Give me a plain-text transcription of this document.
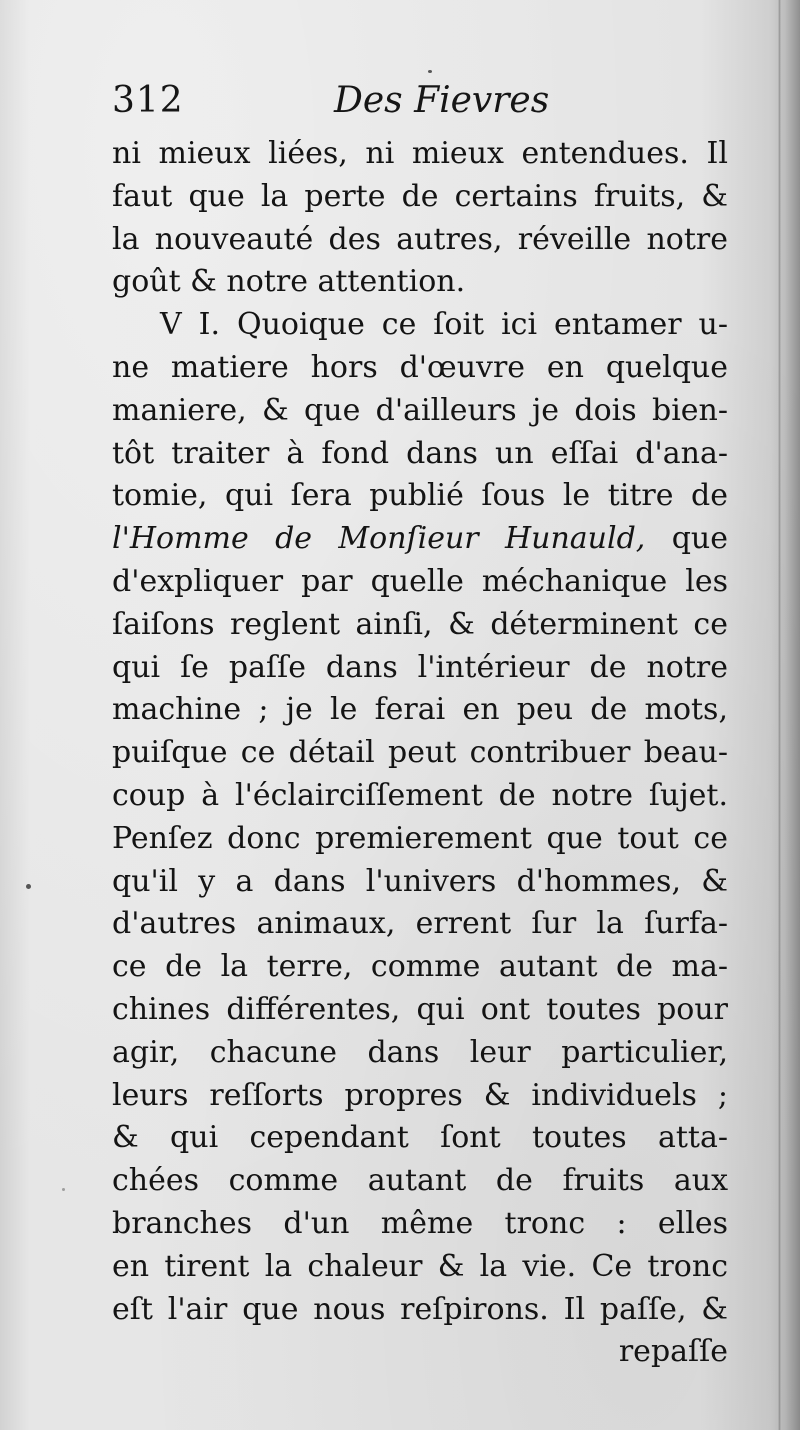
312	Des Fievres
ni mieux liées, ni mieux entendues. Il
faut que la perte de certains fruits, &
la nouveauté des autres, réveille notre
goût & notre attention.
V I. Quoique ce ſoit ici entamer u-
ne matiere hors d'œuvre en quelque
maniere, & que d'ailleurs je dois bien-
tôt traiter à fond dans un eſſai d'ana-
tomie, qui ſera publié ſous le titre de
l'Homme de Monſieur Hunauld, que
d'expliquer par quelle méchanique les
ſaiſons reglent ainſi, & déterminent ce
qui ſe paſſe dans l'intérieur de notre
machine ; je le ferai en peu de mots,
puiſque ce détail peut contribuer beau-
coup à l'éclairciſſement de notre ſujet.
Penſez donc premierement que tout ce
qu'il y a dans l'univers d'hommes, &
d'autres animaux, errent ſur la ſurfa-
ce de la terre, comme autant de ma-
chines différentes, qui ont toutes pour
agir, chacune dans leur particulier,
leurs reſſorts propres & individuels ;
& qui cependant ſont toutes atta-
chées comme autant de fruits aux
branches d'un même tronc : elles
en tirent la chaleur & la vie. Ce tronc
eſt l'air que nous reſpirons. Il paſſe, &
repaſſe
